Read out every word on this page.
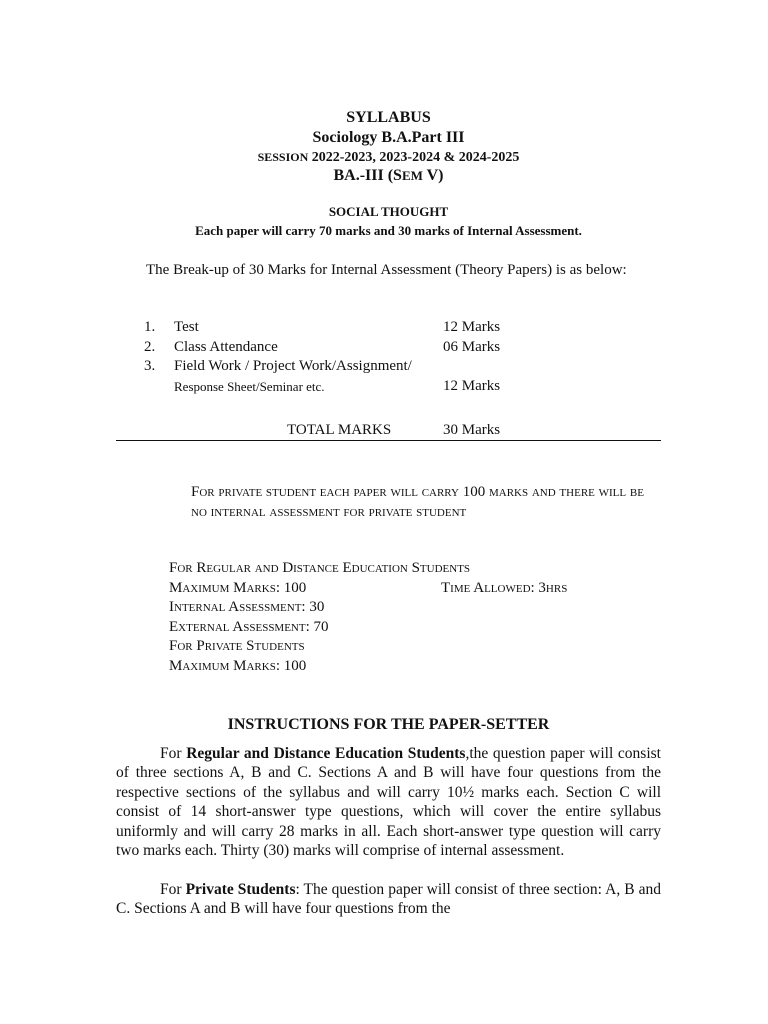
SYLLABUS
Sociology B.A.Part III
SESSION 2022-2023, 2023-2024 & 2024-2025
BA.-III (SEM V)
SOCIAL THOUGHT
Each paper will carry 70 marks and 30 marks of Internal Assessment.
The Break-up of 30 Marks for Internal Assessment (Theory Papers) is as below:
1. Test	12 Marks
2. Class Attendance	06 Marks
3. Field Work / Project Work/Assignment/
Response Sheet/Seminar etc.	12 Marks
TOTAL MARKS	30 Marks
For private student each paper will carry 100 marks and there will be no internal assessment for private student
For Regular and Distance Education Students
Maximum Marks: 100	Time Allowed: 3hrs
Internal Assessment: 30
External Assessment: 70
For Private Students
Maximum Marks: 100
INSTRUCTIONS FOR THE PAPER-SETTER
For Regular and Distance Education Students,the question paper will consist of three sections A, B and C. Sections A and B will have four questions from the respective sections of the syllabus and will carry 10½ marks each. Section C will consist of 14 short-answer type questions, which will cover the entire syllabus uniformly and will carry 28 marks in all. Each short-answer type question will carry two marks each. Thirty (30) marks will comprise of internal assessment.
For Private Students: The question paper will consist of three section: A, B and C. Sections A and B will have four questions from the
